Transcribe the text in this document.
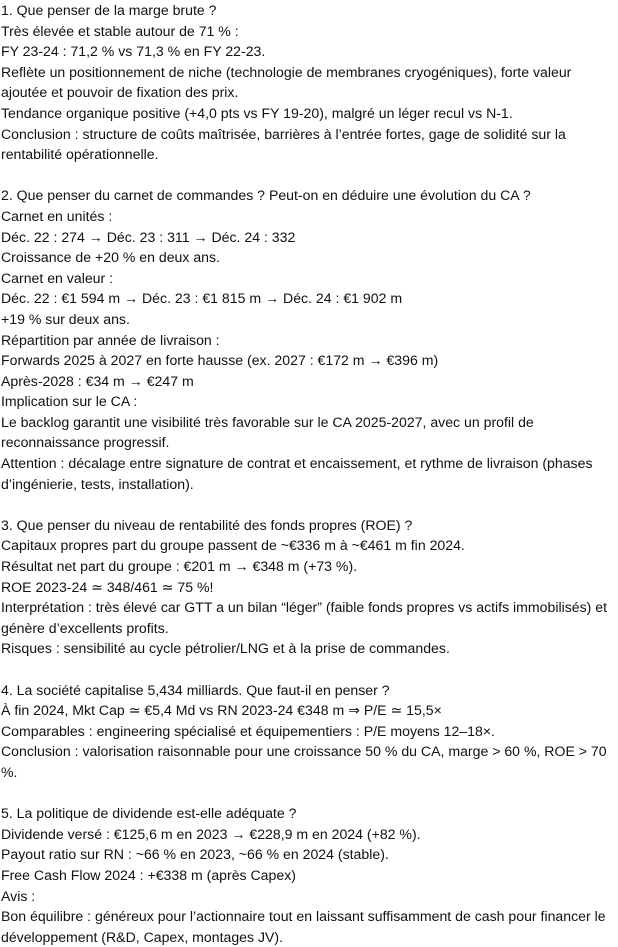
1. Que penser de la marge brute ?

Très élevée et stable autour de 71 % :

FY 23-24 : 71,2 % vs 71,3 % en FY 22-23.

Reflète un positionnement de niche (technologie de membranes cryogéniques), forte valeur ajoutée et pouvoir de fixation des prix.

Tendance organique positive (+4,0 pts vs FY 19-20), malgré un léger recul vs N-1.

Conclusion : structure de coûts maîtrisée, barrières à l’entrée fortes, gage de solidité sur la rentabilité opérationnelle.

2. Que penser du carnet de commandes ? Peut-on en déduire une évolution du CA ?

Carnet en unités :

Déc. 22 : 274 → Déc. 23 : 311 → Déc. 24 : 332

Croissance de +20 % en deux ans.

Carnet en valeur :

Déc. 22 : €1 594 m → Déc. 23 : €1 815 m → Déc. 24 : €1 902 m

+19 % sur deux ans.

Répartition par année de livraison :

Forwards 2025 à 2027 en forte hausse (ex. 2027 : €172 m → €396 m)

Après-2028 : €34 m → €247 m

Implication sur le CA :

Le backlog garantit une visibilité très favorable sur le CA 2025-2027, avec un profil de reconnaissance progressif.

Attention : décalage entre signature de contrat et encaissement, et rythme de livraison (phases d’ingénierie, tests, installation).

3. Que penser du niveau de rentabilité des fonds propres (ROE) ?

Capitaux propres part du groupe passent de ~€336 m à ~€461 m fin 2024.

Résultat net part du groupe : €201 m → €348 m (+73 %).

ROE 2023-24 ≃ 348/461 ≃ 75 %!

Interprétation : très élevé car GTT a un bilan “léger” (faible fonds propres vs actifs immobilisés) et génère d’excellents profits.

Risques : sensibilité au cycle pétrolier/LNG et à la prise de commandes.

4. La société capitalise 5,434 milliards. Que faut-il en penser ?

À fin 2024, Mkt Cap ≃ €5,4 Md vs RN 2023-24 €348 m ⇒ P/E ≃ 15,5×

Comparables : engineering spécialisé et équipementiers : P/E moyens 12–18×.

Conclusion : valorisation raisonnable pour une croissance 50 % du CA, marge > 60 %, ROE > 70 %.

5. La politique de dividende est-elle adéquate ?

Dividende versé : €125,6 m en 2023 → €228,9 m en 2024 (+82 %).

Payout ratio sur RN : ~66 % en 2023, ~66 % en 2024 (stable).

Free Cash Flow 2024 : +€338 m (après Capex)

Avis :

Bon équilibre : généreux pour l’actionnaire tout en laissant suffisamment de cash pour financer le développement (R&D, Capex, montages JV).
